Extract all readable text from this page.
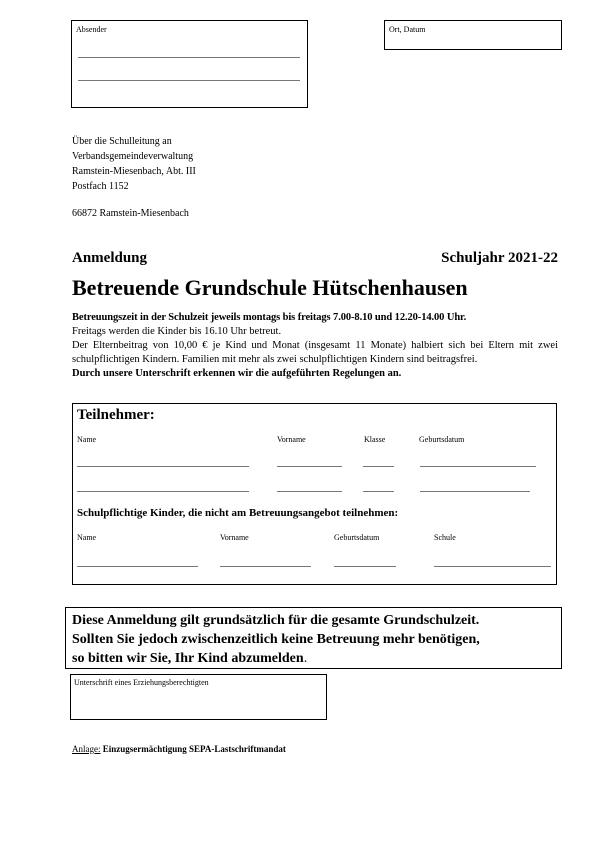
Absender	Ort, Datum
Über die Schulleitung an
Verbandsgemeindeverwaltung
Ramstein-Miesenbach, Abt. III
Postfach 1152
66872 Ramstein-Miesenbach
Anmeldung	Schuljahr 2021-22
Betreuende Grundschule Hütschenhausen
Betreuungszeit in der Schulzeit jeweils montags bis freitags 7.00-8.10 und 12.20-14.00 Uhr.
Freitags werden die Kinder bis 16.10 Uhr betreut.
Der Elternbeitrag von 10,00 € je Kind und Monat (insgesamt 11 Monate) halbiert sich bei Eltern mit zwei schulpflichtigen Kindern. Familien mit mehr als zwei schulpflichtigen Kindern sind beitragsfrei.
Durch unsere Unterschrift erkennen wir die aufgeführten Regelungen an.
Teilnehmer:
Name	Vorname	Klasse	Geburtsdatum
Schulpflichtige Kinder, die nicht am Betreuungsangebot teilnehmen:
Name	Vorname	Geburtsdatum	Schule
Diese Anmeldung gilt grundsätzlich für die gesamte Grundschulzeit.
Sollten Sie jedoch zwischenzeitlich keine Betreuung mehr benötigen,
so bitten wir Sie, Ihr Kind abzumelden.
Unterschrift eines Erziehungsberechtigten
Anlage: Einzugsermächtigung SEPA-Lastschriftmandat
